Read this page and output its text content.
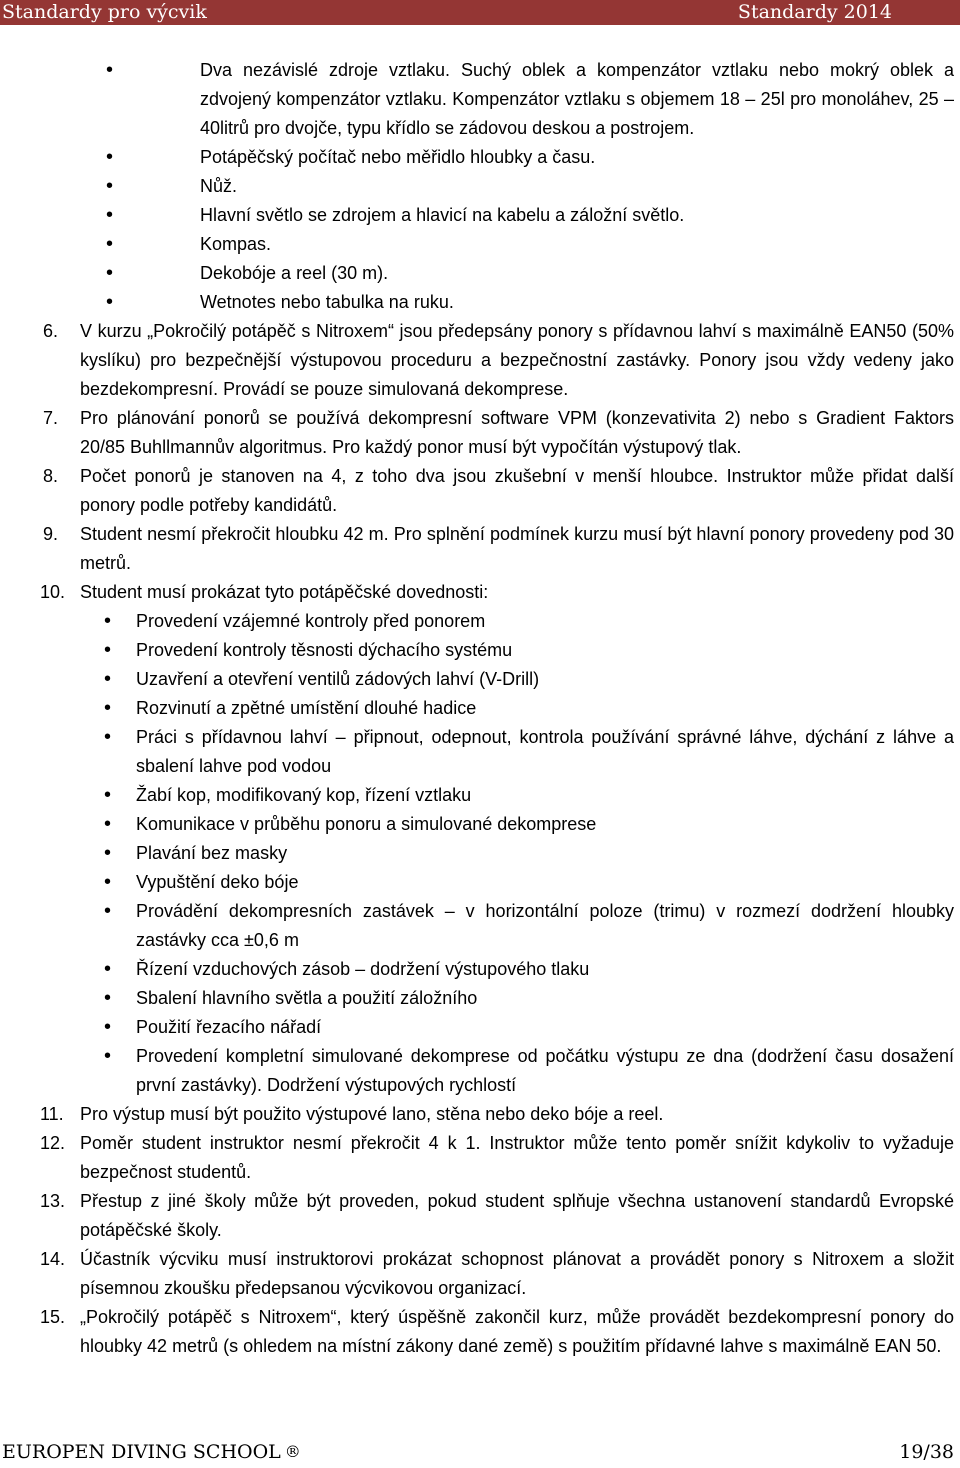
Standardy pro výcvik	Standardy 2014
• Dva nezávislé zdroje vztlaku. Suchý oblek a kompenzátor vztlaku nebo mokrý oblek a zdvojený kompenzátor vztlaku. Kompenzátor vztlaku s objemem 18 – 25l pro monoláhev, 25 – 40litrů pro dvojče, typu křídlo se zádovou deskou a postrojem.
• Potápěčský počítač nebo měřidlo hloubky a času.
• Nůž.
• Hlavní světlo se zdrojem a hlavicí na kabelu a záložní světlo.
• Kompas.
• Dekobóje a reel (30 m).
• Wetnotes nebo tabulka na ruku.
6. V kurzu „Pokročilý potápěč s Nitroxem“ jsou předepsány ponory s přídavnou lahví s maximálně EAN50 (50% kyslíku) pro bezpečnější výstupovou proceduru a bezpečnostní zastávky. Ponory jsou vždy vedeny jako bezdekompresní. Provádí se pouze simulovaná dekomprese.
7. Pro plánování ponorů se používá dekompresní software VPM (konzevativita 2) nebo s Gradient Faktors 20/85 Buhllmannův algoritmus. Pro každý ponor musí být vypočítán výstupový tlak.
8. Počet ponorů je stanoven na 4, z toho dva jsou zkušební v menší hloubce. Instruktor může přidat další ponory podle potřeby kandidátů.
9. Student nesmí překročit hloubku 42 m. Pro splnění podmínek kurzu musí být hlavní ponory provedeny pod 30 metrů.
10. Student musí prokázat tyto potápěčské dovednosti:
• Provedení vzájemné kontroly před ponorem
• Provedení kontroly těsnosti dýchacího systému
• Uzavření a otevření ventilů zádových lahví (V-Drill)
• Rozvinutí a zpětné umístění dlouhé hadice
• Práci s přídavnou lahví – připnout, odepnout, kontrola používání správné láhve, dýchání z láhve a sbalení lahve pod vodou
• Žabí kop, modifikovaný kop, řízení vztlaku
• Komunikace v průběhu ponoru a simulované dekomprese
• Plavání bez masky
• Vypuštění deko bóje
• Provádění dekompresních zastávek – v horizontální poloze (trimu) v rozmezí dodržení hloubky zastávky cca ±0,6 m
• Řízení vzduchových zásob – dodržení výstupového tlaku
• Sbalení hlavního světla a použití záložního
• Použití řezacího nářadí
• Provedení kompletní simulované dekomprese od počátku výstupu ze dna (dodržení času dosažení první zastávky). Dodržení výstupových rychlostí
11. Pro výstup musí být použito výstupové lano, stěna nebo deko bóje a reel.
12. Poměr student instruktor nesmí překročit 4 k 1. Instruktor může tento poměr snížit kdykoliv to vyžaduje bezpečnost studentů.
13. Přestup z jiné školy může být proveden, pokud student splňuje všechna ustanovení standardů Evropské potápěčské školy.
14. Účastník výcviku musí instruktorovi prokázat schopnost plánovat a provádět ponory s Nitroxem a složit písemnou zkoušku předepsanou výcvikovou organizací.
15. „Pokročilý potápěč s Nitroxem“, který úspěšně zakončil kurz, může provádět bezdekompresní ponory do hloubky 42 metrů (s ohledem na místní zákony dané země) s použitím přídavné lahve s maximálně EAN 50.
EUROPEN DIVING SCHOOL ®	19/38
